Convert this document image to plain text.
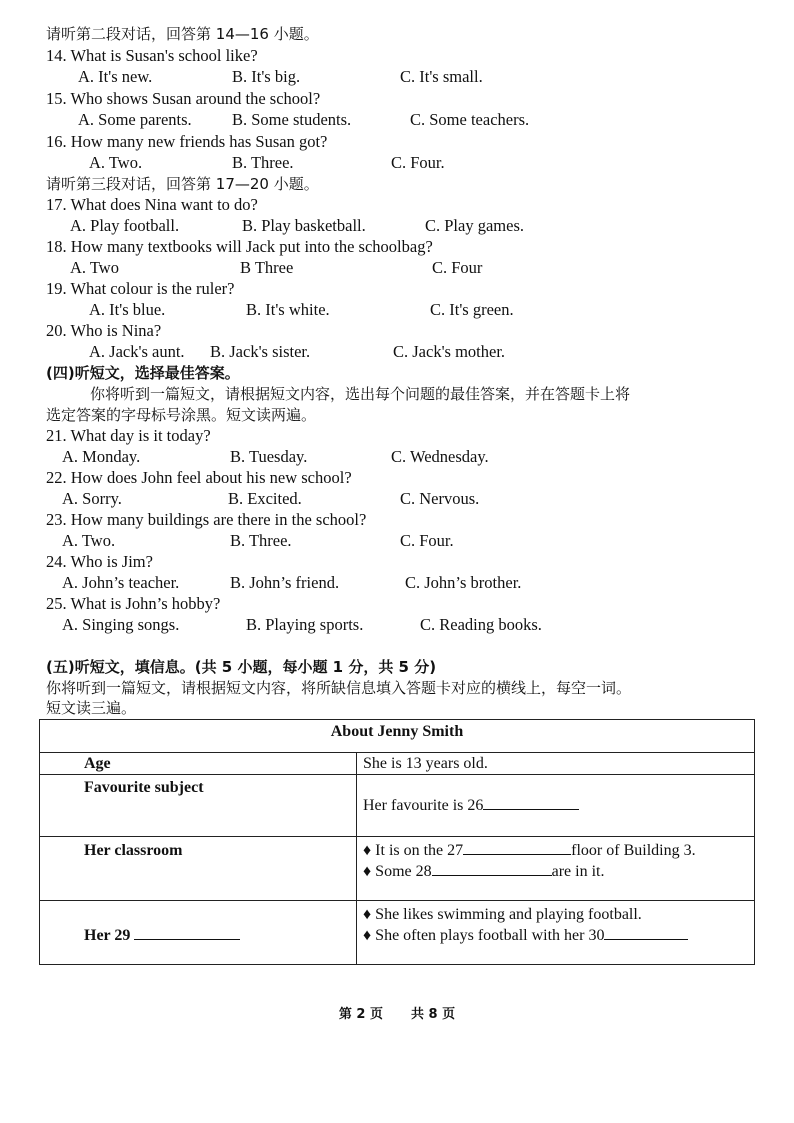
请听第二段对话，回答第 14—16 小题。
14. What is Susan's school like?
A. It's new.	B. It's big.	C. It's small.
15. Who shows Susan around the school?
A. Some parents. B. Some students.	C. Some teachers.
16. How many new friends has Susan got?
A. Two.	B. Three.	C. Four.
请听第三段对话，回答第 17—20 小题。
17. What does Nina want to do?
A. Play football.	B. Play basketball.	C. Play games.
18. How many textbooks will Jack put into the schoolbag?
A. Two	B Three	C. Four
19. What colour is the ruler?
A. It's blue.	B. It's white.	C. It's green.
20. Who is Nina?
A. Jack's aunt. B. Jack's sister.	C. Jack's mother.
(四)听短文，选择最佳答案。
你将听到一篇短文，请根据短文内容，选出每个问题的最佳答案，并在答题卡上将
选定答案的字母标号涂黑。短文读两遍。
21. What day is it today?
A. Monday.	B. Tuesday.	C. Wednesday.
22. How does John feel about his new school?
A. Sorry.	B. Excited.	C. Nervous.
23. How many buildings are there in the school?
A. Two.	B. Three.	C. Four.
24. Who is Jim?
A. John’s teacher.	B. John’s friend.	C. John’s brother.
25. What is John’s hobby?
A. Singing songs.	B. Playing sports.	C. Reading books.
(五)听短文，填信息。(共 5 小题，每小题 1 分，共 5 分)
你将听到一篇短文，请根据短文内容，将所缺信息填入答题卡对应的横线上，每空一词。
短文读三遍。
About Jenny Smith	
Age	She is 13 years old.
Favourite subject	Her favourite is 26
Her classroom	♦ It is on the 27 floor of Building 3.
♦ Some 28 are in it.

Her 29	♦ She likes swimming and playing football.
♦ She often plays football with her 30
第 2 页 共 8 页
